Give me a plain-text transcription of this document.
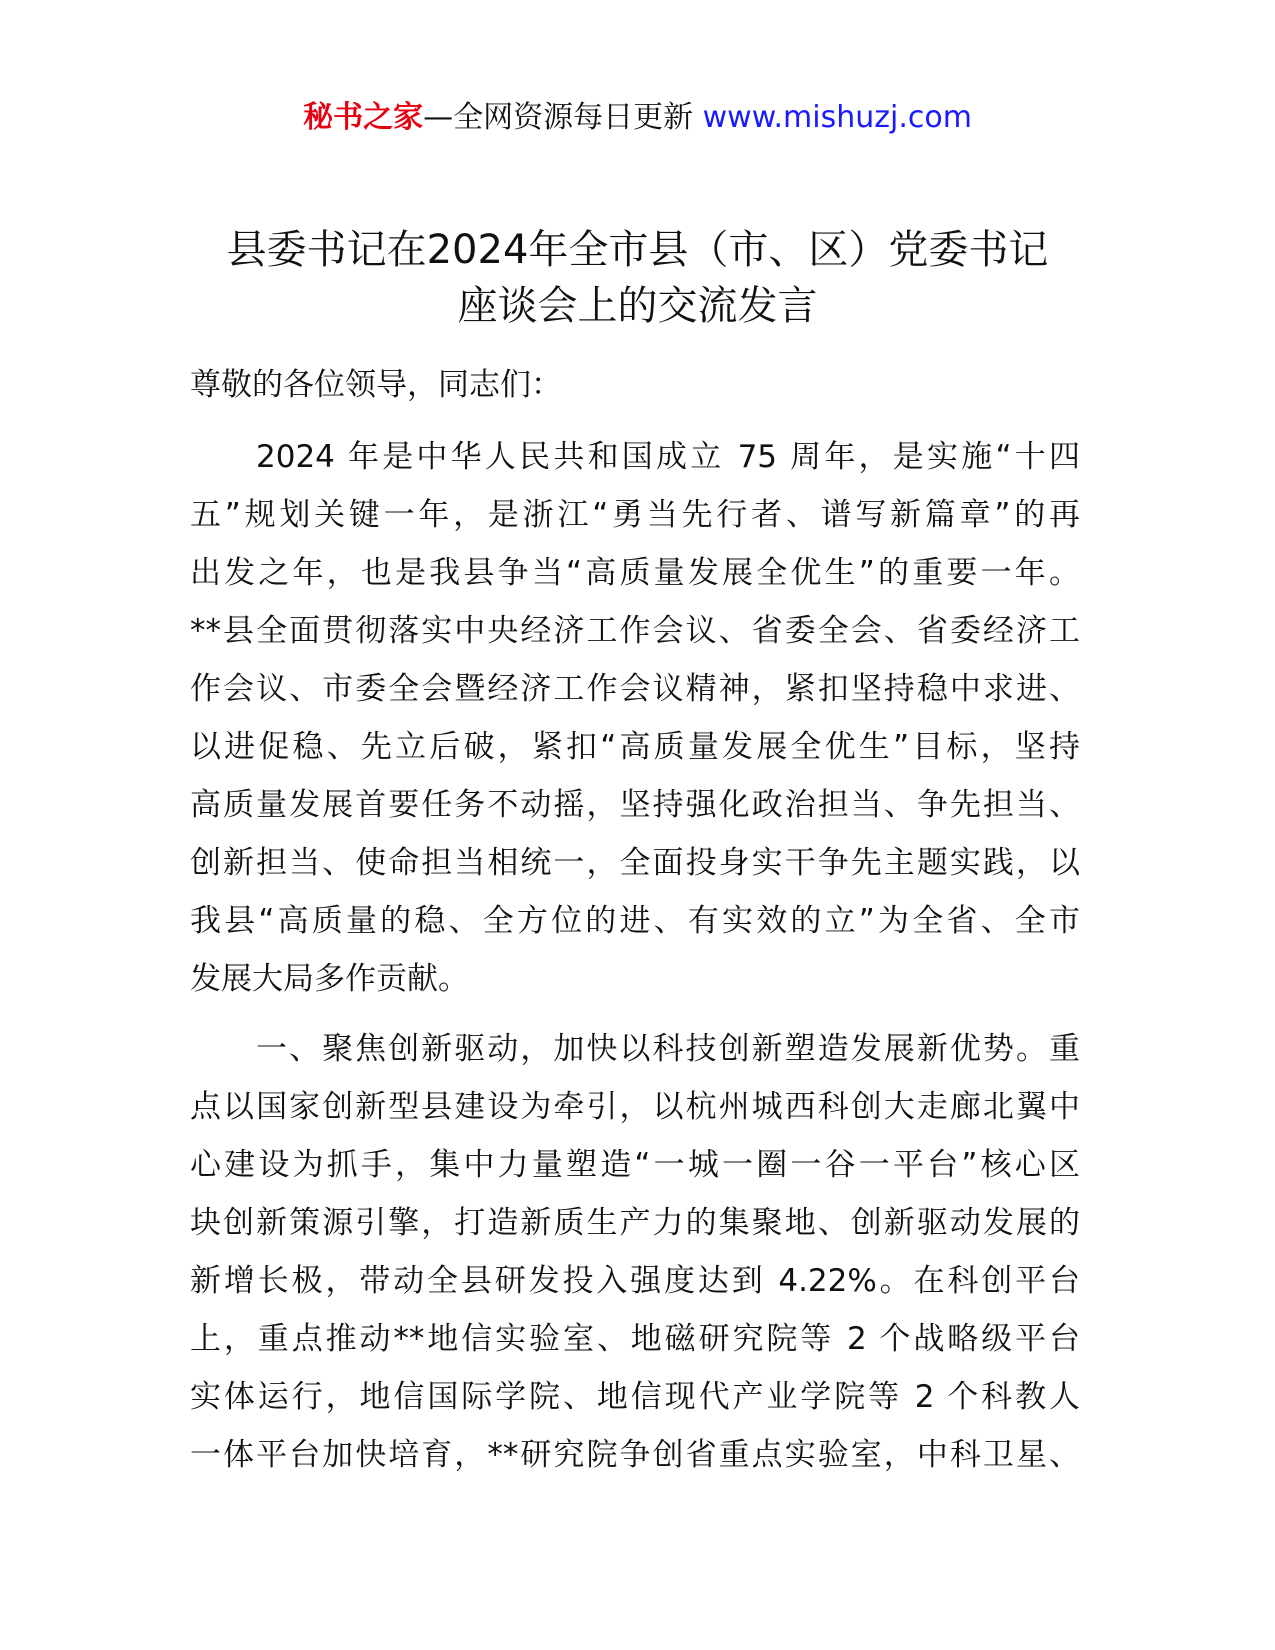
秘书之家—全网资源每日更新 www.mishuzj.com
县委书记在2024年全市县（市、区）党委书记
座谈会上的交流发言

尊敬的各位领导，同志们：

2024 年是中华人民共和国成立 75 周年，是实施“十四
五”规划关键一年，是浙江“勇当先行者、谱写新篇章”的再
出发之年，也是我县争当“高质量发展全优生”的重要一年。
**县全面贯彻落实中央经济工作会议、省委全会、省委经济工
作会议、市委全会暨经济工作会议精神，紧扣坚持稳中求进、
以进促稳、先立后破，紧扣“高质量发展全优生”目标，坚持
高质量发展首要任务不动摇，坚持强化政治担当、争先担当、
创新担当、使命担当相统一，全面投身实干争先主题实践，以
我县“高质量的稳、全方位的进、有实效的立”为全省、全市
发展大局多作贡献。

一、聚焦创新驱动，加快以科技创新塑造发展新优势。重
点以国家创新型县建设为牵引，以杭州城西科创大走廊北翼中
心建设为抓手，集中力量塑造“一城一圈一谷一平台”核心区
块创新策源引擎，打造新质生产力的集聚地、创新驱动发展的
新增长极，带动全县研发投入强度达到 4.22%。在科创平台
上，重点推动**地信实验室、地磁研究院等 2 个战略级平台
实体运行，地信国际学院、地信现代产业学院等 2 个科教人
一体平台加快培育，**研究院争创省重点实验室，中科卫星、
